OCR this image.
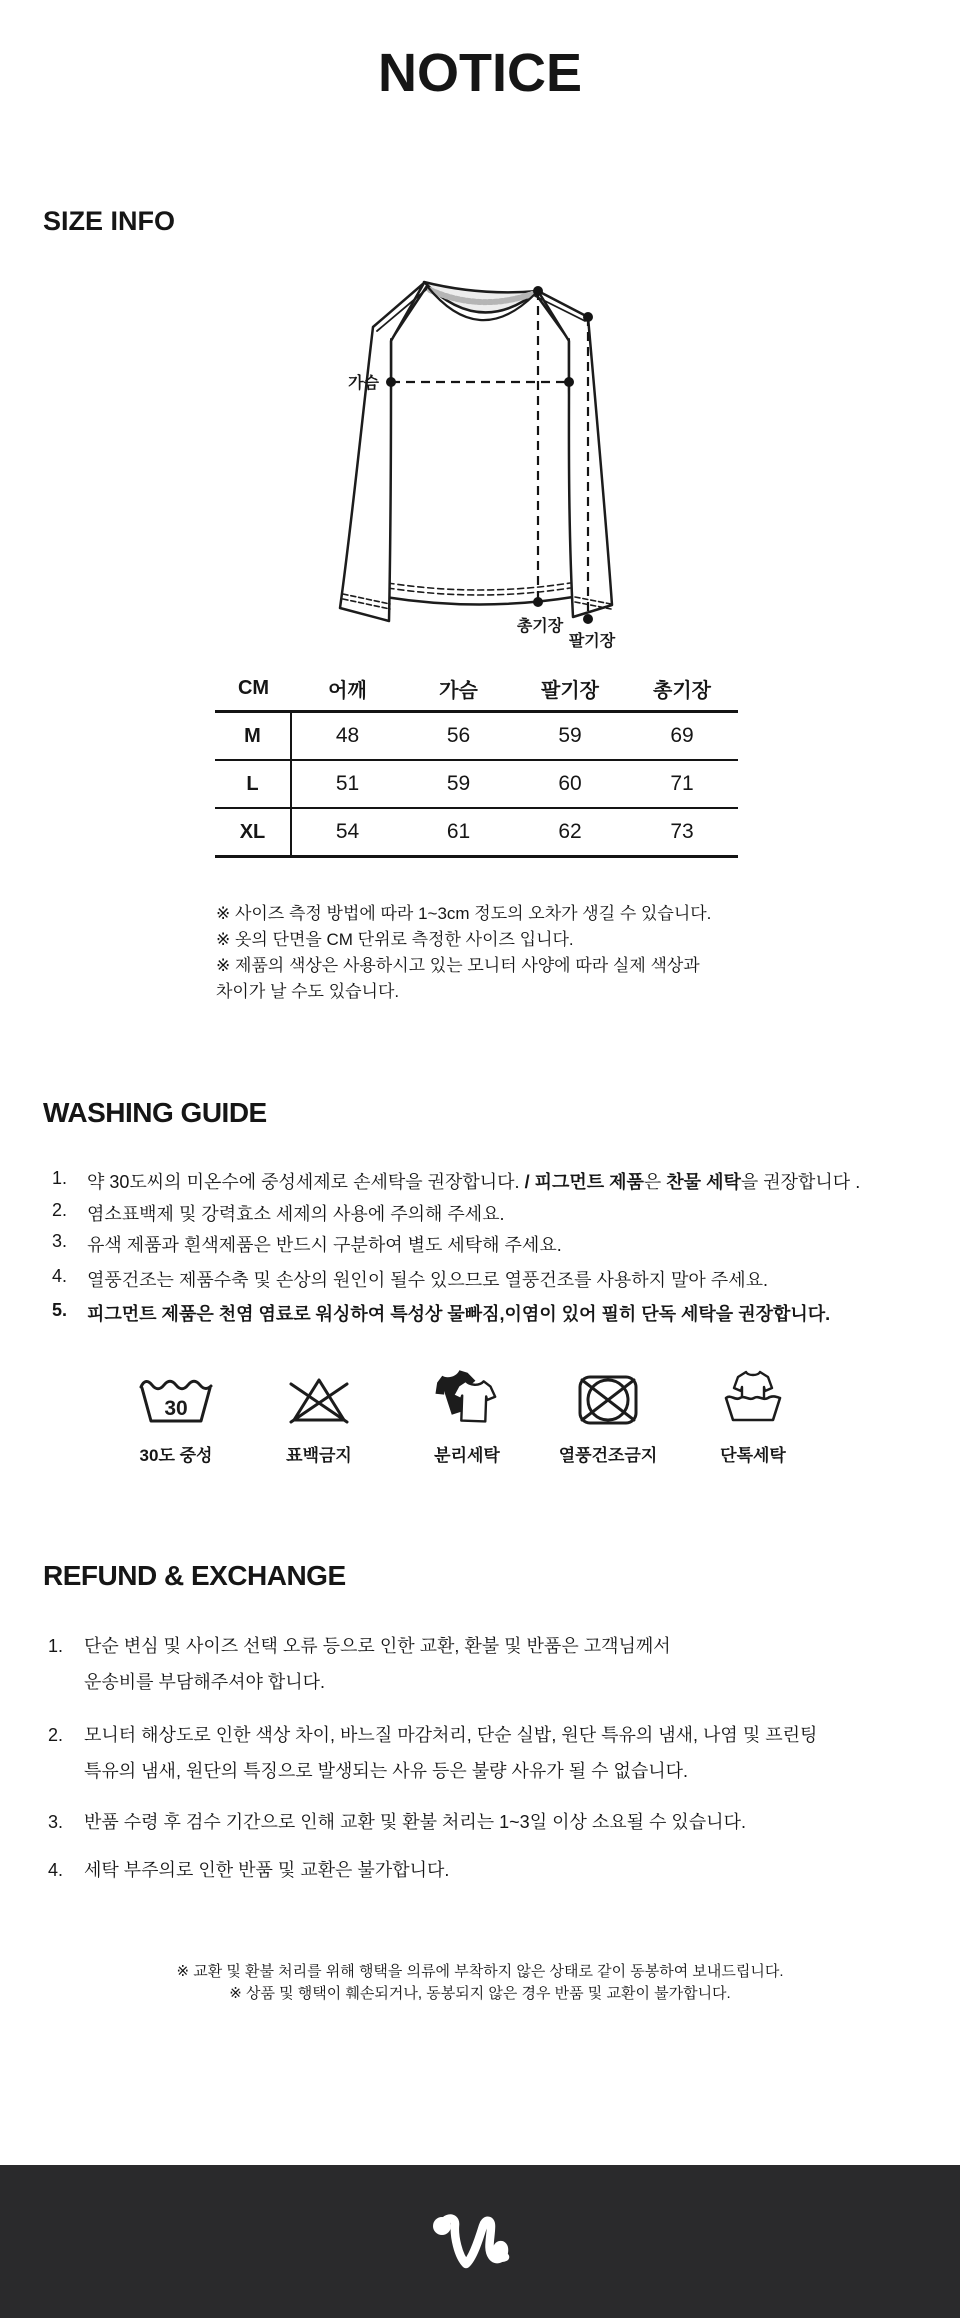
NOTICE
SIZE INFO
가슴
총기장
팔기장
CM	어깨	가슴	팔기장	총기장
M	48	56	59	69
L	51	59	60	71
XL	54	61	62	73
※ 사이즈 측정 방법에 따라 1~3cm 정도의 오차가 생길 수 있습니다.
※ 옷의 단면을 CM 단위로 측정한 사이즈 입니다.
※ 제품의 색상은 사용하시고 있는 모니터 사양에 따라 실제 색상과
차이가 날 수도 있습니다.
WASHING GUIDE
1. 약 30도씨의 미온수에 중성세제로 손세탁을 권장합니다. / 피그먼트 제품은 찬물 세탁을 권장합니다 .
2. 염소표백제 및 강력효소 세제의 사용에 주의해 주세요.
3. 유색 제품과 흰색제품은 반드시 구분하여 별도 세탁해 주세요.
4. 열풍건조는 제품수축 및 손상의 원인이 될수 있으므로 열풍건조를 사용하지 말아 주세요.
5. 피그먼트 제품은 천염 염료로 워싱하여 특성상 물빠짐,이염이 있어 필히 단독 세탁을 권장합니다.
30
30도 중성	표백금지	분리세탁	열풍건조금지	단톡세탁
REFUND & EXCHANGE
1. 단순 변심 및 사이즈 선택 오류 등으로 인한 교환, 환불 및 반품은 고객님께서
운송비를 부담해주셔야 합니다.
2. 모니터 해상도로 인한 색상 차이, 바느질 마감처리, 단순 실밥, 원단 특유의 냄새, 나염 및 프린팅
특유의 냄새, 원단의 특징으로 발생되는 사유 등은 불량 사유가 될 수 없습니다.
3. 반품 수령 후 검수 기간으로 인해 교환 및 환불 처리는 1~3일 이상 소요될 수 있습니다.
4. 세탁 부주의로 인한 반품 및 교환은 불가합니다.
※ 교환 및 환불 처리를 위해 행택을 의류에 부착하지 않은 상태로 같이 동봉하여 보내드립니다.
※ 상품 및 행택이 훼손되거나, 동봉되지 않은 경우 반품 및 교환이 불가합니다.
